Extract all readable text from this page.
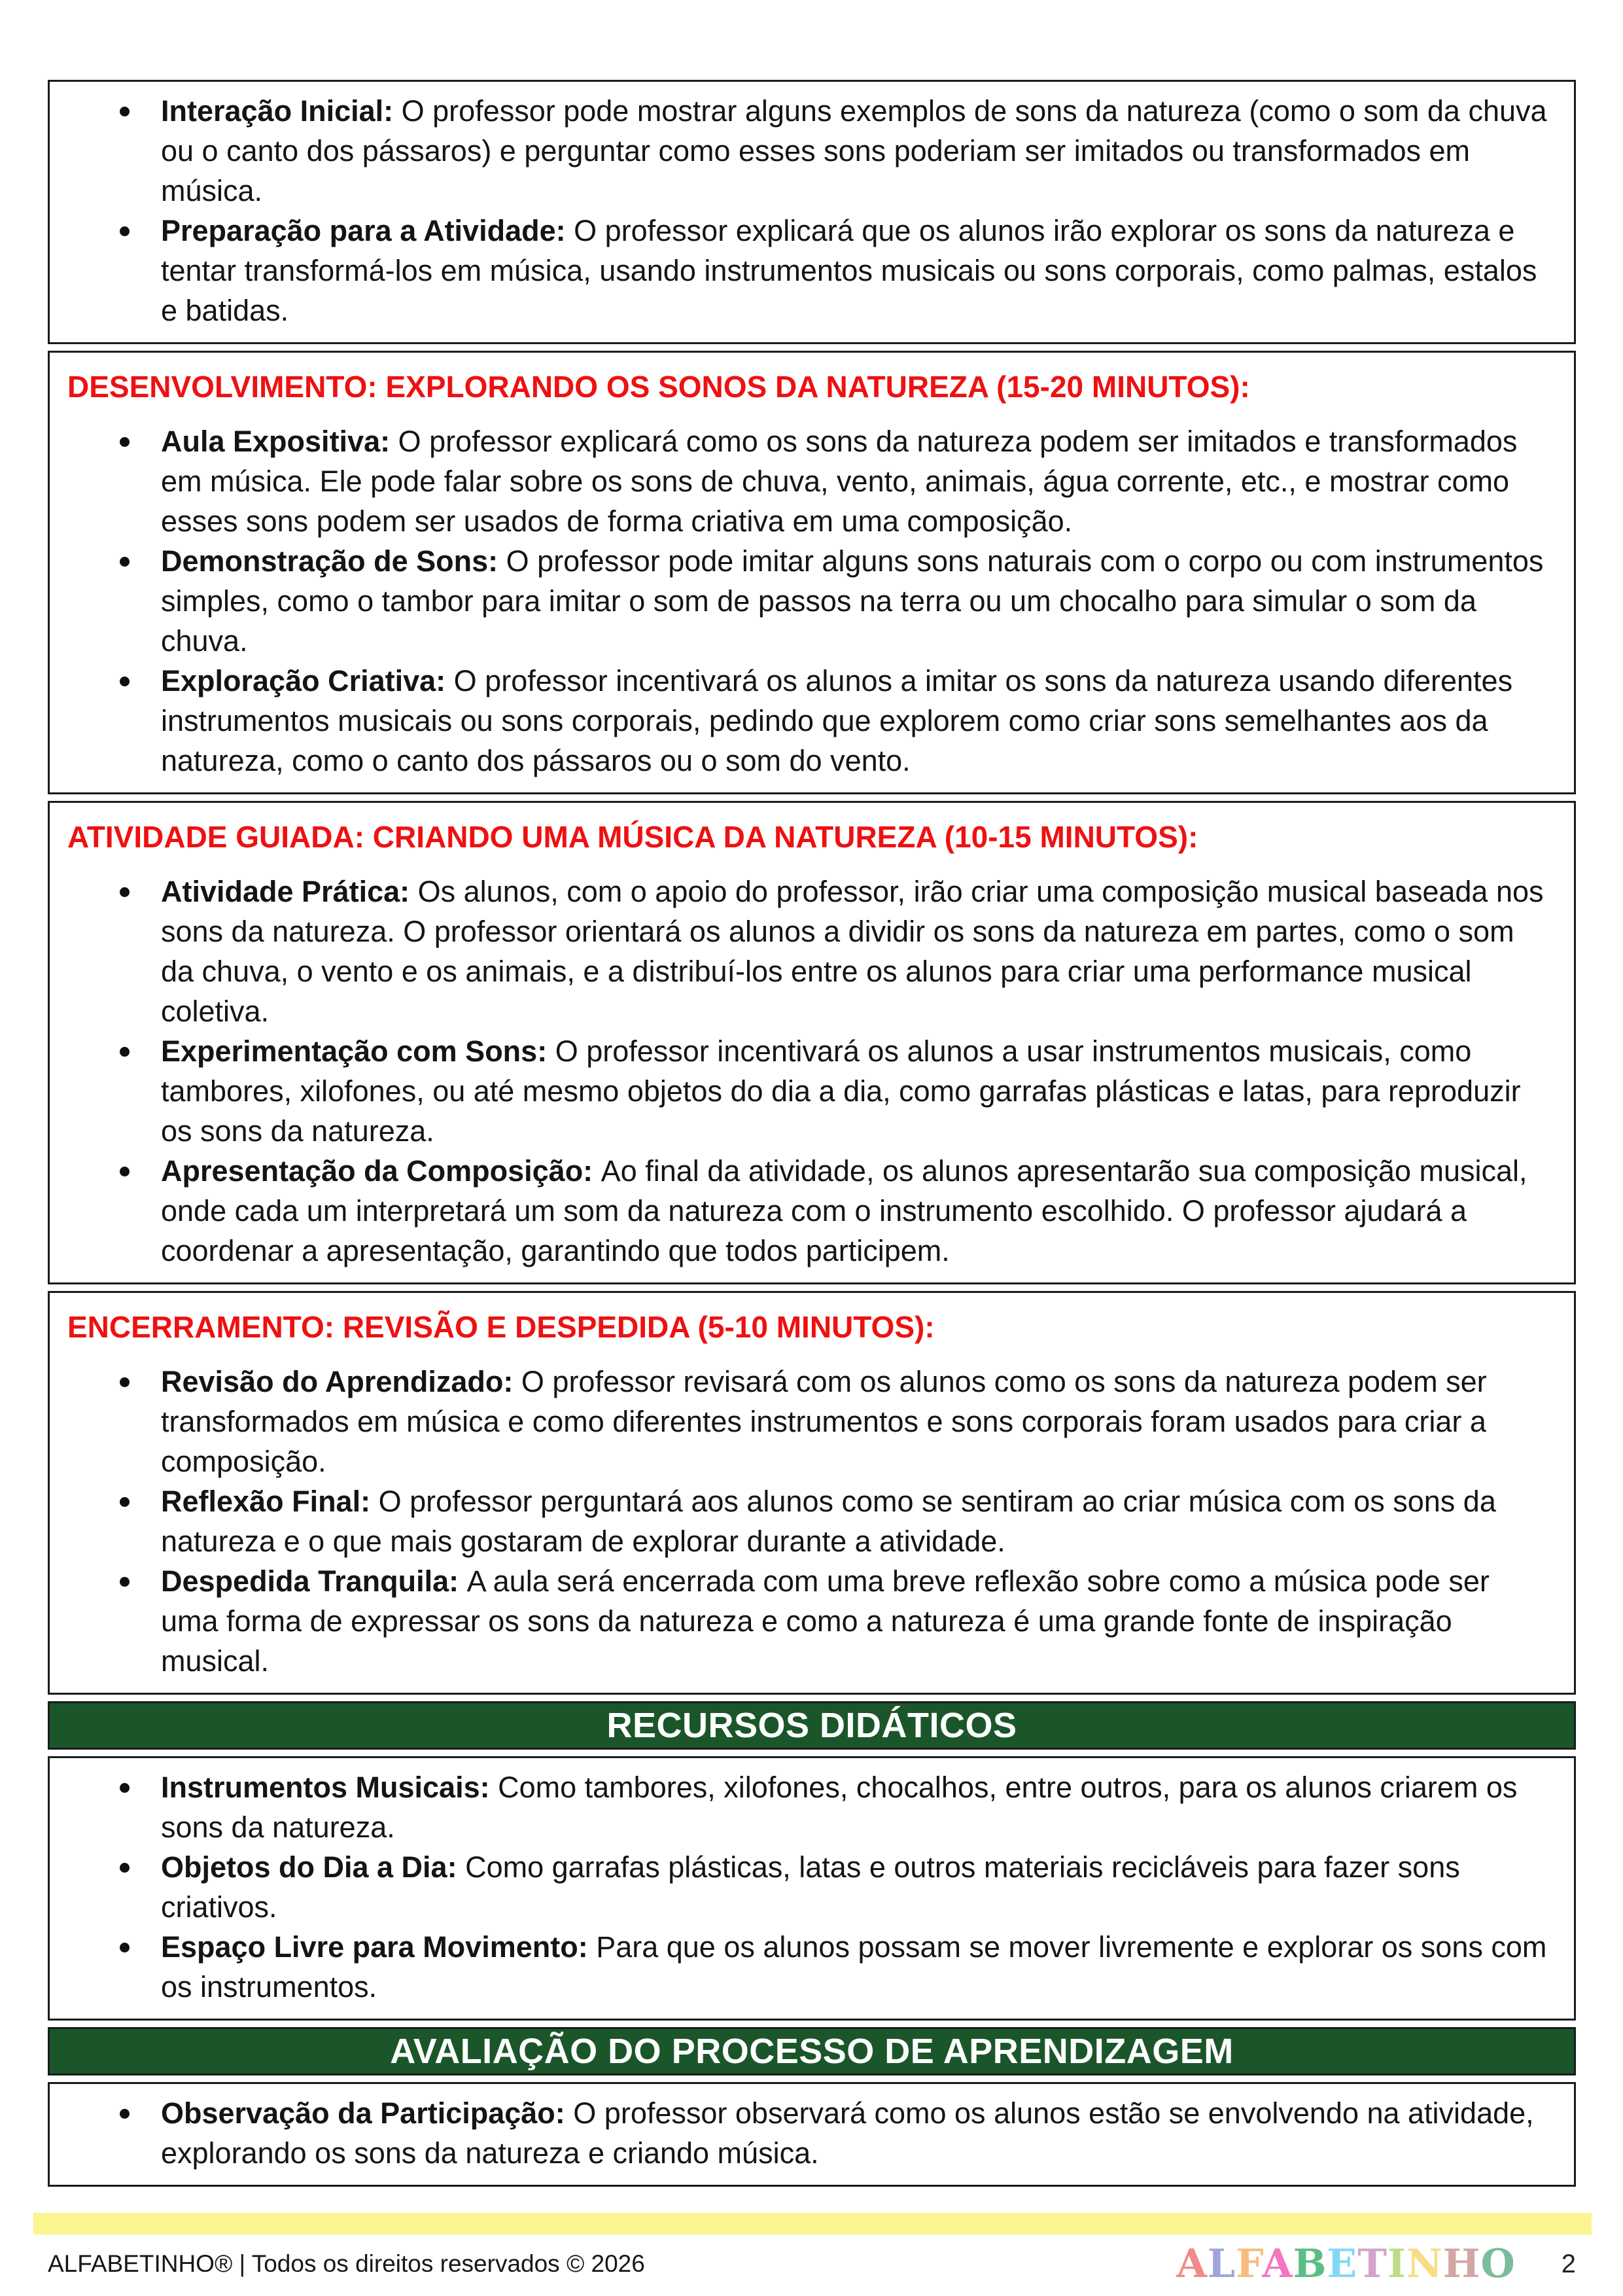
Interação Inicial: O professor pode mostrar alguns exemplos de sons da natureza (como o som da chuva ou o canto dos pássaros) e perguntar como esses sons poderiam ser imitados ou transformados em música.
Preparação para a Atividade: O professor explicará que os alunos irão explorar os sons da natureza e tentar transformá-los em música, usando instrumentos musicais ou sons corporais, como palmas, estalos e batidas.
DESENVOLVIMENTO: EXPLORANDO OS SONOS DA NATUREZA (15-20 MINUTOS):
Aula Expositiva: O professor explicará como os sons da natureza podem ser imitados e transformados em música. Ele pode falar sobre os sons de chuva, vento, animais, água corrente, etc., e mostrar como esses sons podem ser usados de forma criativa em uma composição.
Demonstração de Sons: O professor pode imitar alguns sons naturais com o corpo ou com instrumentos simples, como o tambor para imitar o som de passos na terra ou um chocalho para simular o som da chuva.
Exploração Criativa: O professor incentivará os alunos a imitar os sons da natureza usando diferentes instrumentos musicais ou sons corporais, pedindo que explorem como criar sons semelhantes aos da natureza, como o canto dos pássaros ou o som do vento.
ATIVIDADE GUIADA: CRIANDO UMA MÚSICA DA NATUREZA (10-15 MINUTOS):
Atividade Prática: Os alunos, com o apoio do professor, irão criar uma composição musical baseada nos sons da natureza. O professor orientará os alunos a dividir os sons da natureza em partes, como o som da chuva, o vento e os animais, e a distribuí-los entre os alunos para criar uma performance musical coletiva.
Experimentação com Sons: O professor incentivará os alunos a usar instrumentos musicais, como tambores, xilofones, ou até mesmo objetos do dia a dia, como garrafas plásticas e latas, para reproduzir os sons da natureza.
Apresentação da Composição: Ao final da atividade, os alunos apresentarão sua composição musical, onde cada um interpretará um som da natureza com o instrumento escolhido. O professor ajudará a coordenar a apresentação, garantindo que todos participem.
ENCERRAMENTO: REVISÃO E DESPEDIDA (5-10 MINUTOS):
Revisão do Aprendizado: O professor revisará com os alunos como os sons da natureza podem ser transformados em música e como diferentes instrumentos e sons corporais foram usados para criar a composição.
Reflexão Final: O professor perguntará aos alunos como se sentiram ao criar música com os sons da natureza e o que mais gostaram de explorar durante a atividade.
Despedida Tranquila: A aula será encerrada com uma breve reflexão sobre como a música pode ser uma forma de expressar os sons da natureza e como a natureza é uma grande fonte de inspiração musical.
RECURSOS DIDÁTICOS
Instrumentos Musicais: Como tambores, xilofones, chocalhos, entre outros, para os alunos criarem os sons da natureza.
Objetos do Dia a Dia: Como garrafas plásticas, latas e outros materiais recicláveis para fazer sons criativos.
Espaço Livre para Movimento: Para que os alunos possam se mover livremente e explorar os sons com os instrumentos.
AVALIAÇÃO DO PROCESSO DE APRENDIZAGEM
Observação da Participação: O professor observará como os alunos estão se envolvendo na atividade, explorando os sons da natureza e criando música.
ALFABETINHO® | Todos os direitos reservados © 2026	ALFABETINHO 2
